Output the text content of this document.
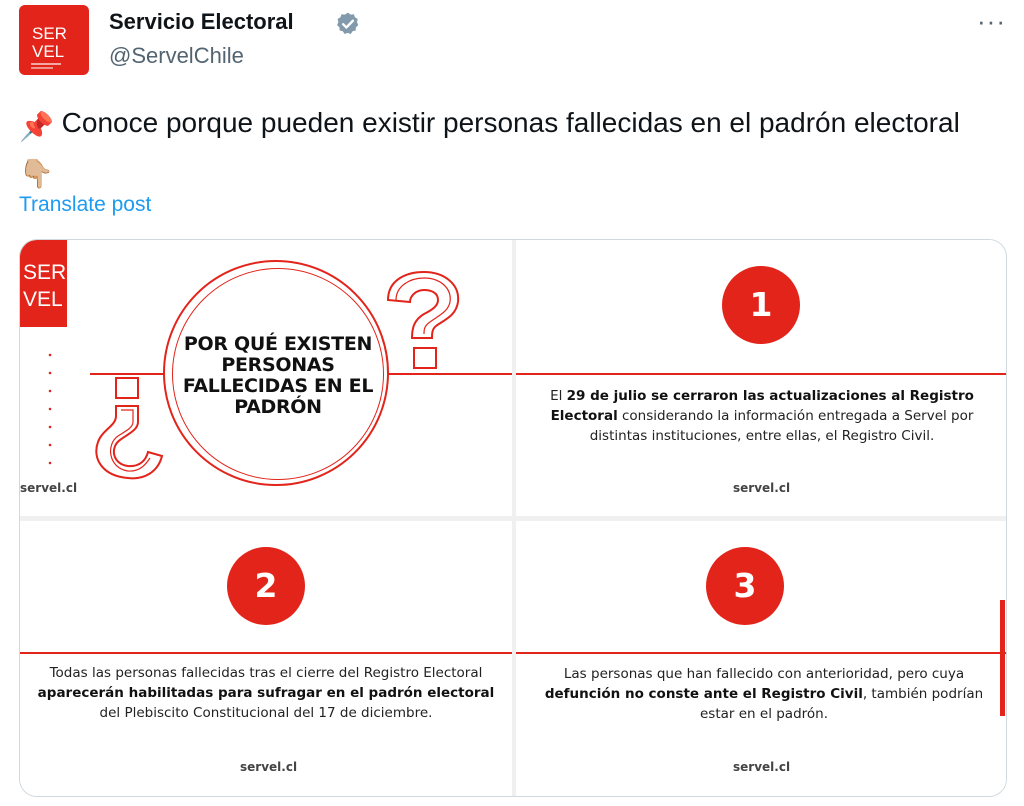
SER
VEL
Servicio Electoral
@ServelChile
···
📌 Conoce porque pueden existir personas fallecidas en el padrón electoral 👇🏼
Translate post
SER
VEL
POR QUÉ EXISTEN PERSONAS FALLECIDAS EN EL PADRÓN
servel.cl
1
El 29 de julio se cerraron las actualizaciones al Registro Electoral considerando la información entregada a Servel por distintas instituciones, entre ellas, el Registro Civil.
servel.cl
2
Todas las personas fallecidas tras el cierre del Registro Electoral aparecerán habilitadas para sufragar en el padrón electoral del Plebiscito Constitucional del 17 de diciembre.
servel.cl
3
Las personas que han fallecido con anterioridad, pero cuya defunción no conste ante el Registro Civil, también podrían estar en el padrón.
servel.cl
